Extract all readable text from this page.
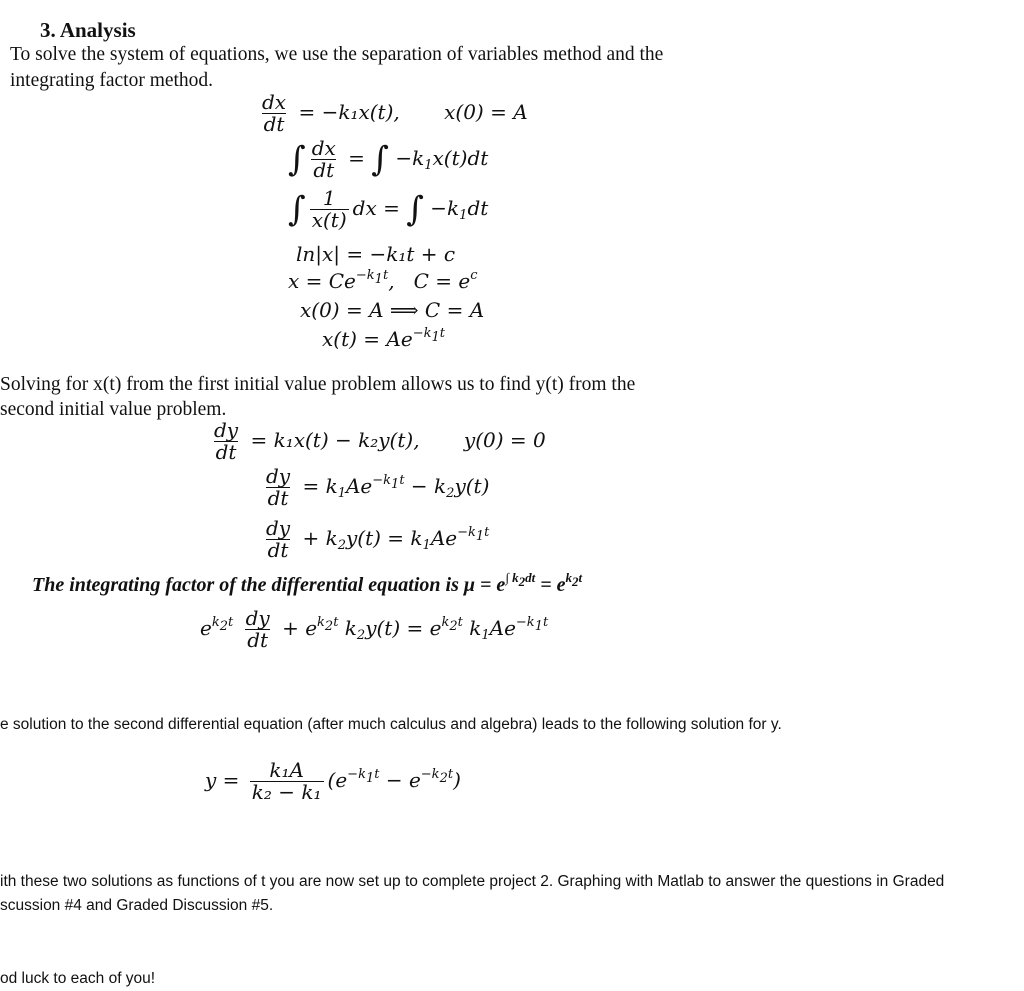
3. Analysis
To solve the system of equations, we use the separation of variables method and the
integrating factor method.
$\frac{dx}{dt} = -k_1x(t)$, x(0) = A
∫ $\frac{dx}{dt}$ = ∫ $-k_1x(t)dt$
∫ $\frac{1}{x(t)}$ dx = ∫ $-k_1dt$
ln|x| = −k₁t + c
$x = Ce^{-k_1t}$,   $C = e^c$
x(0) = A ⟹ C = A
$x(t) = Ae^{-k_1t}$
Solving for x(t) from the first initial value problem allows us to find y(t) from the
second initial value problem.
$\frac{dy}{dt} = k_1x(t) - k_2y(t)$, y(0) = 0
$\frac{dy}{dt} = k_1Ae^{-k_1t} - k_2y(t)$
$\frac{dy}{dt} + k_2y(t) = k_1Ae^{-k_1t}$
The integrating factor of the differential equation is $\mu = e^{\int k_2dt} = e^{k_2t}$
$e^{k_2t} \frac{dy}{dt} + e^{k_2t}$ $k_2y(t) = e^{k_2t}$ $k_1Ae^{-k_1t}$
e solution to the second differential equation (after much calculus and algebra) leads to the following solution for y.
$y = \frac{\text{k₁A}}{\text{k₂ − k₁}} (e^{-k_1t} - e^{-k_2t})$
ith these two solutions as functions of t you are now set up to complete project 2. Graphing with Matlab to answer the questions in Graded
scussion #4 and Graded Discussion #5.
od luck to each of you!
